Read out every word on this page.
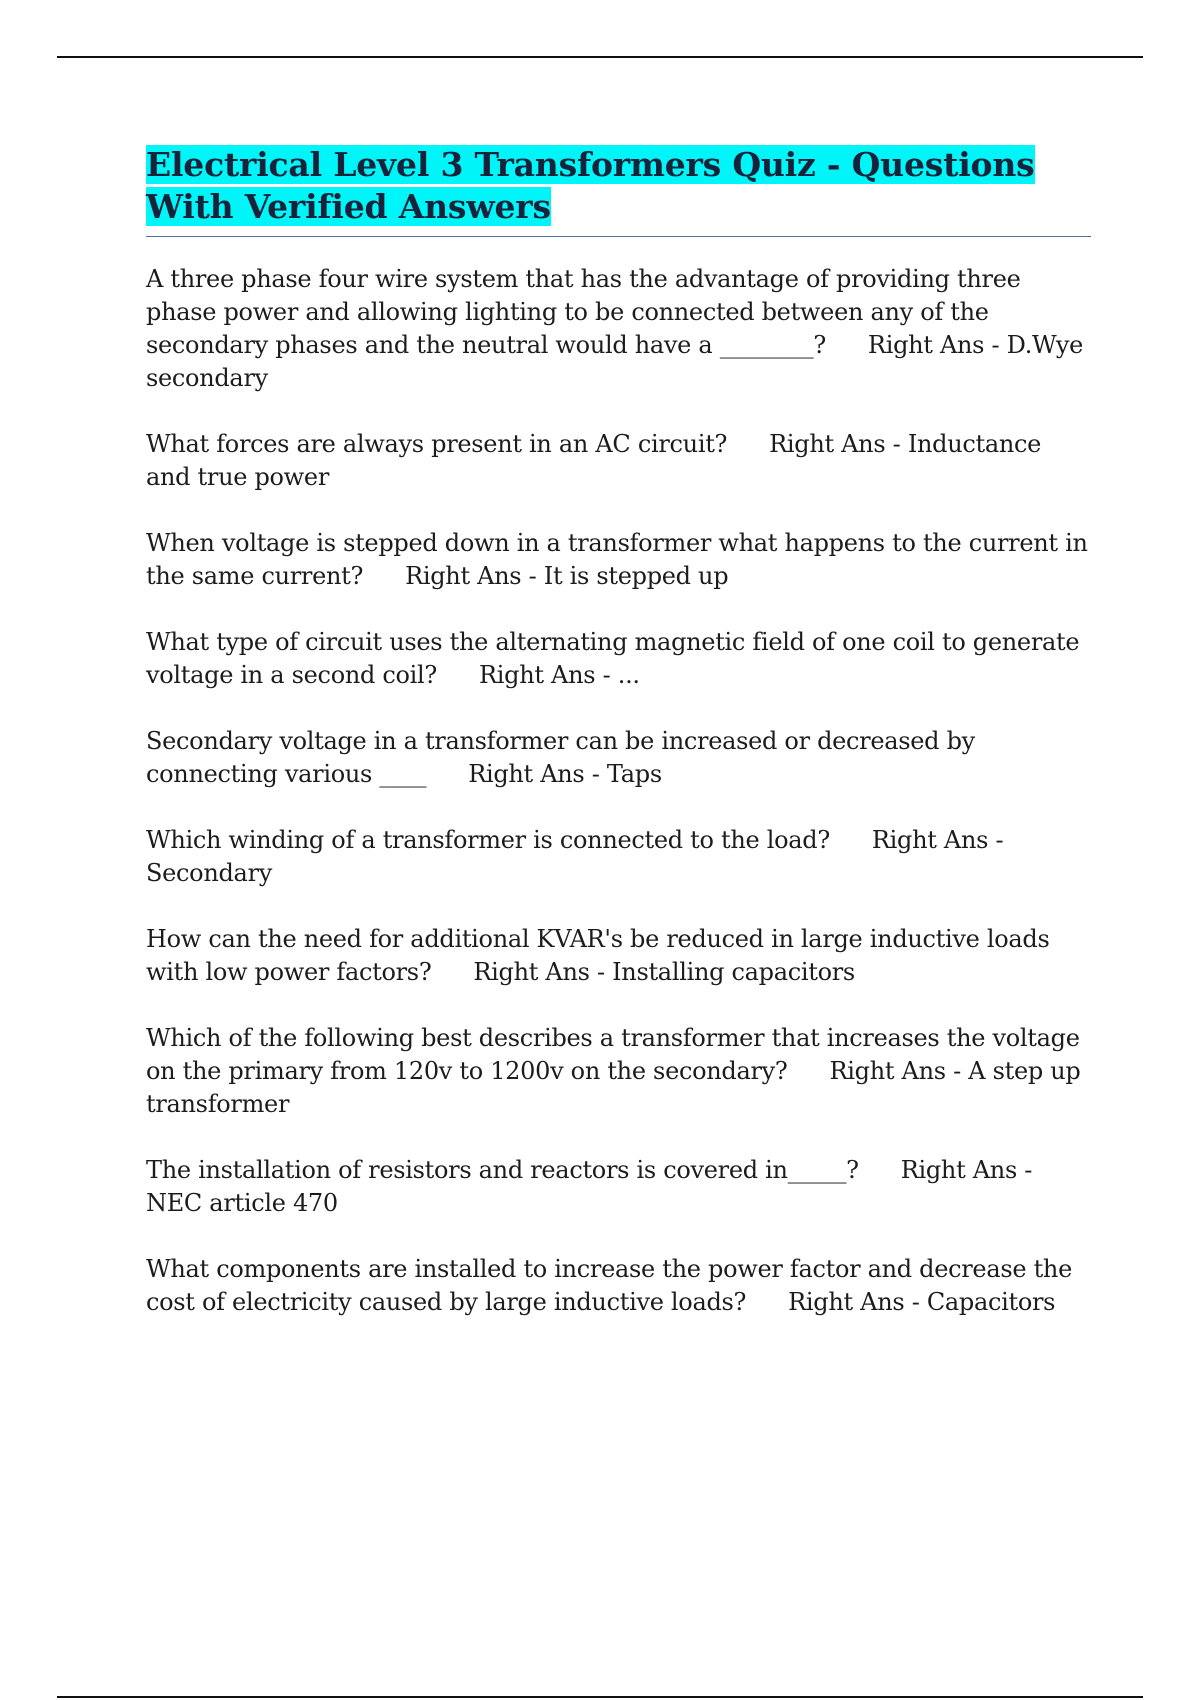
Electrical Level 3 Transformers Quiz - Questions With Verified Answers

A three phase four wire system that has the advantage of providing three phase power and allowing lighting to be connected between any of the secondary phases and the neutral would have a ________? Right Ans - D.Wye secondary

What forces are always present in an AC circuit? Right Ans - Inductance and true power

When voltage is stepped down in a transformer what happens to the current in the same current? Right Ans - It is stepped up

What type of circuit uses the alternating magnetic field of one coil to generate voltage in a second coil? Right Ans - ...

Secondary voltage in a transformer can be increased or decreased by connecting various ____ Right Ans - Taps

Which winding of a transformer is connected to the load? Right Ans - Secondary

How can the need for additional KVAR's be reduced in large inductive loads with low power factors? Right Ans - Installing capacitors

Which of the following best describes a transformer that increases the voltage on the primary from 120v to 1200v on the secondary? Right Ans - A step up transformer

The installation of resistors and reactors is covered in_____? Right Ans - NEC article 470

What components are installed to increase the power factor and decrease the cost of electricity caused by large inductive loads? Right Ans - Capacitors
